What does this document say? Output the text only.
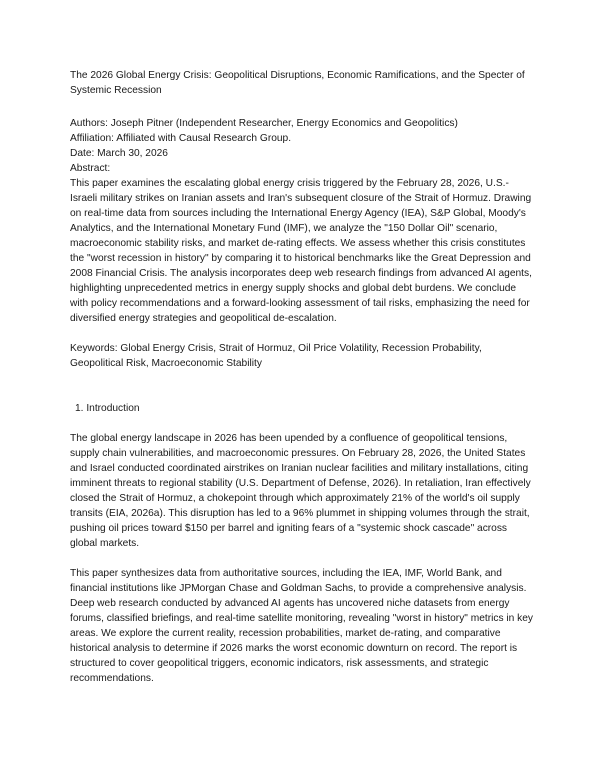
The 2026 Global Energy Crisis: Geopolitical Disruptions, Economic Ramifications, and the Specter of Systemic Recession

Authors: Joseph Pitner (Independent Researcher, Energy Economics and Geopolitics)

Affiliation: Affiliated with Causal Research Group.

Date: March 30, 2026

Abstract:

This paper examines the escalating global energy crisis triggered by the February 28, 2026, U.S.-Israeli military strikes on Iranian assets and Iran's subsequent closure of the Strait of Hormuz. Drawing on real-time data from sources including the International Energy Agency (IEA), S&P Global, Moody's Analytics, and the International Monetary Fund (IMF), we analyze the "150 Dollar Oil" scenario, macroeconomic stability risks, and market de-rating effects. We assess whether this crisis constitutes the "worst recession in history" by comparing it to historical benchmarks like the Great Depression and 2008 Financial Crisis. The analysis incorporates deep web research findings from advanced AI agents, highlighting unprecedented metrics in energy supply shocks and global debt burdens. We conclude with policy recommendations and a forward-looking assessment of tail risks, emphasizing the need for diversified energy strategies and geopolitical de-escalation.

Keywords: Global Energy Crisis, Strait of Hormuz, Oil Price Volatility, Recession Probability, Geopolitical Risk, Macroeconomic Stability

1. Introduction

The global energy landscape in 2026 has been upended by a confluence of geopolitical tensions, supply chain vulnerabilities, and macroeconomic pressures. On February 28, 2026, the United States and Israel conducted coordinated airstrikes on Iranian nuclear facilities and military installations, citing imminent threats to regional stability (U.S. Department of Defense, 2026). In retaliation, Iran effectively closed the Strait of Hormuz, a chokepoint through which approximately 21% of the world's oil supply transits (EIA, 2026a). This disruption has led to a 96% plummet in shipping volumes through the strait, pushing oil prices toward $150 per barrel and igniting fears of a "systemic shock cascade" across global markets.

This paper synthesizes data from authoritative sources, including the IEA, IMF, World Bank, and financial institutions like JPMorgan Chase and Goldman Sachs, to provide a comprehensive analysis. Deep web research conducted by advanced AI agents has uncovered niche datasets from energy forums, classified briefings, and real-time satellite monitoring, revealing "worst in history" metrics in key areas. We explore the current reality, recession probabilities, market de-rating, and comparative historical analysis to determine if 2026 marks the worst economic downturn on record. The report is structured to cover geopolitical triggers, economic indicators, risk assessments, and strategic recommendations.
